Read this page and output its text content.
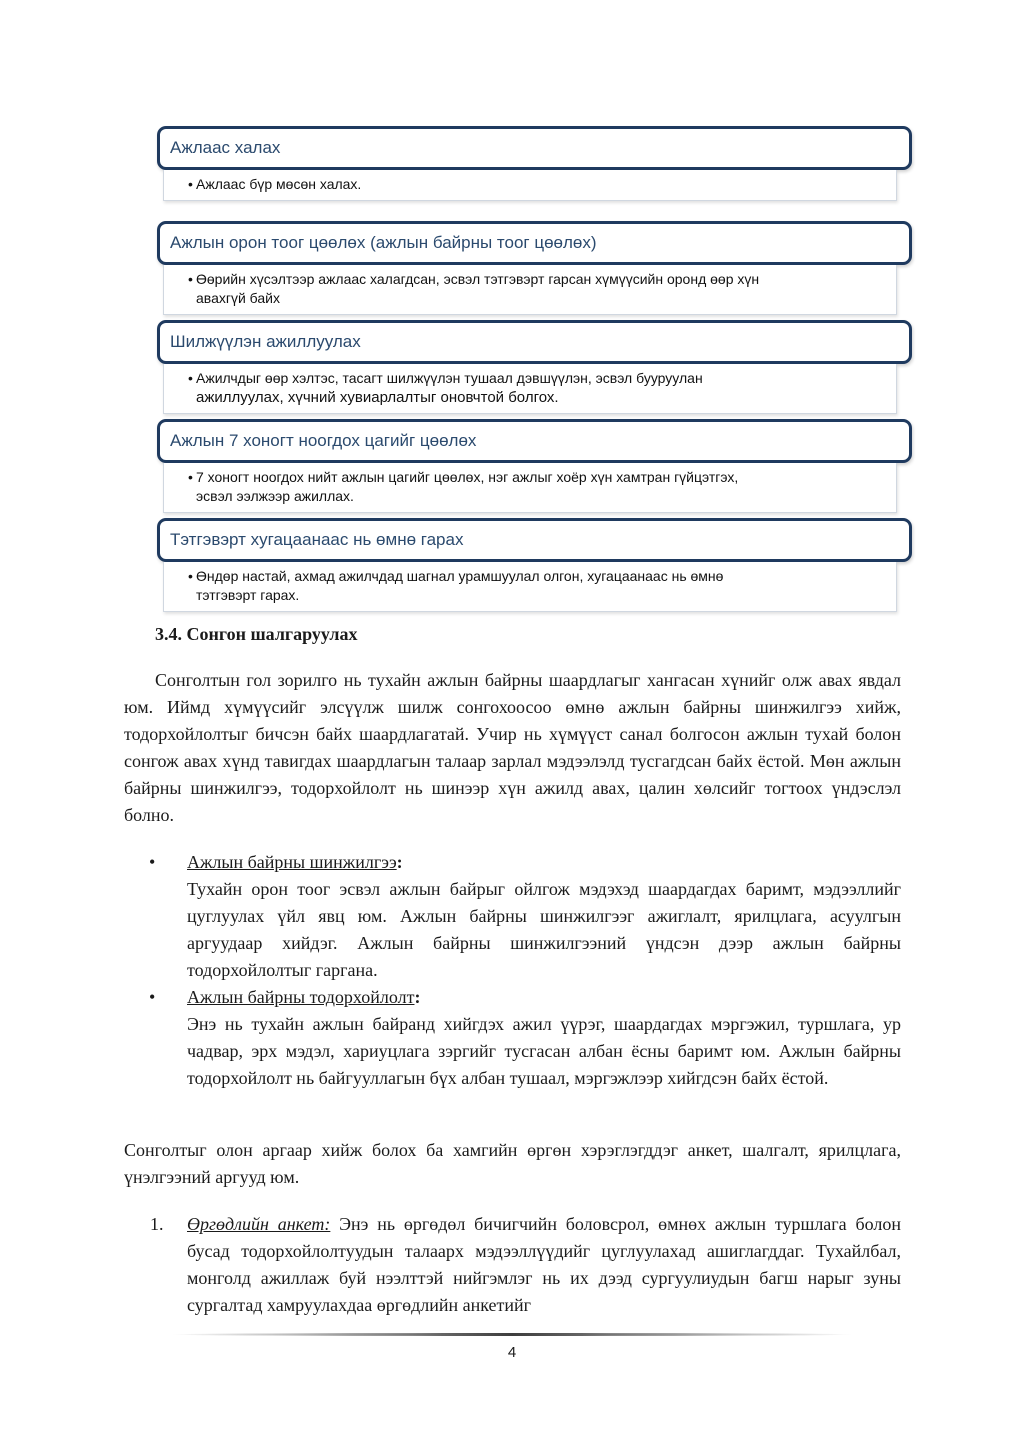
Ажлаас халах
• Ажлаас бүр мөсөн халах.
Ажлын орон тоог цөөлөх (ажлын байрны тоог цөөлөх)
• Өөрийн хүсэлтээр ажлаас халагдсан, эсвэл тэтгэвэрт гарсан хүмүүсийн оронд өөр хүн
авахгүй байх
Шилжүүлэн ажиллуулах
• Ажилчдыг өөр хэлтэс, тасагт шилжүүлэн тушаал дэвшүүлэн, эсвэл бууруулан
ажиллуулах, хүчний хувиарлалтыг оновчтой болгох.
Ажлын 7 хоногт ноогдох цагийг цөөлөх
• 7 хоногт ноогдох нийт ажлын цагийг цөөлөх, нэг ажлыг хоёр хүн хамтран гүйцэтгэх,
эсвэл ээлжээр ажиллах.
Тэтгэвэрт хугацаанаас нь өмнө гарах
• Өндөр настай, ахмад ажилчдад шагнал урамшуулал олгон, хугацаанаас нь өмнө
тэтгэвэрт гарах.
3.4. Сонгон шалгаруулах
Сонголтын гол зорилго нь тухайн ажлын байрны шаардлагыг хангасан хүнийг олж авах явдал юм. Иймд хүмүүсийг элсүүлж шилж сонгохоосоо өмнө ажлын байрны шинжилгээ хийж, тодорхойлолтыг бичсэн байх шаардлагатай. Учир нь хүмүүст санал болгосон ажлын тухай болон сонгож авах хүнд тавигдах шаардлагын талаар зарлал мэдээлэлд тусгагдсан байх ёстой. Мөн ажлын байрны шинжилгээ, тодорхойлолт нь шинээр хүн ажилд авах, цалин хөлсийг тогтоох үндэслэл болно.
• Ажлын байрны шинжилгээ:
Тухайн орон тоог эсвэл ажлын байрыг ойлгож мэдэхэд шаардагдах баримт, мэдээллийг цуглуулах үйл явц юм. Ажлын байрны шинжилгээг ажиглалт, ярилцлага, асуулгын аргуудаар хийдэг. Ажлын байрны шинжилгээний үндсэн дээр ажлын байрны тодорхойлолтыг гаргана.
• Ажлын байрны тодорхойлолт:
Энэ нь тухайн ажлын байранд хийгдэх ажил үүрэг, шаардагдах мэргэжил, туршлага, ур чадвар, эрх мэдэл, хариуцлага зэргийг тусгасан албан ёсны баримт юм. Ажлын байрны тодорхойлолт нь байгууллагын бүх албан тушаал, мэргэжлээр хийгдсэн байх ёстой.
Сонголтыг олон аргаар хийж болох ба хамгийн өргөн хэрэглэгддэг анкет, шалгалт, ярилцлага, үнэлгээний аргууд юм.
1. Өргөдлийн анкет: Энэ нь өргөдөл бичигчийн боловсрол, өмнөх ажлын туршлага болон бусад тодорхойлолтуудын талаарх мэдээллүүдийг цуглуулахад ашиглагддаг. Тухайлбал, монголд ажиллаж буй нээлттэй нийгэмлэг нь их дээд сургуулиудын багш нарыг зуны сургалтад хамруулахдаа өргөдлийн анкетийг
4
